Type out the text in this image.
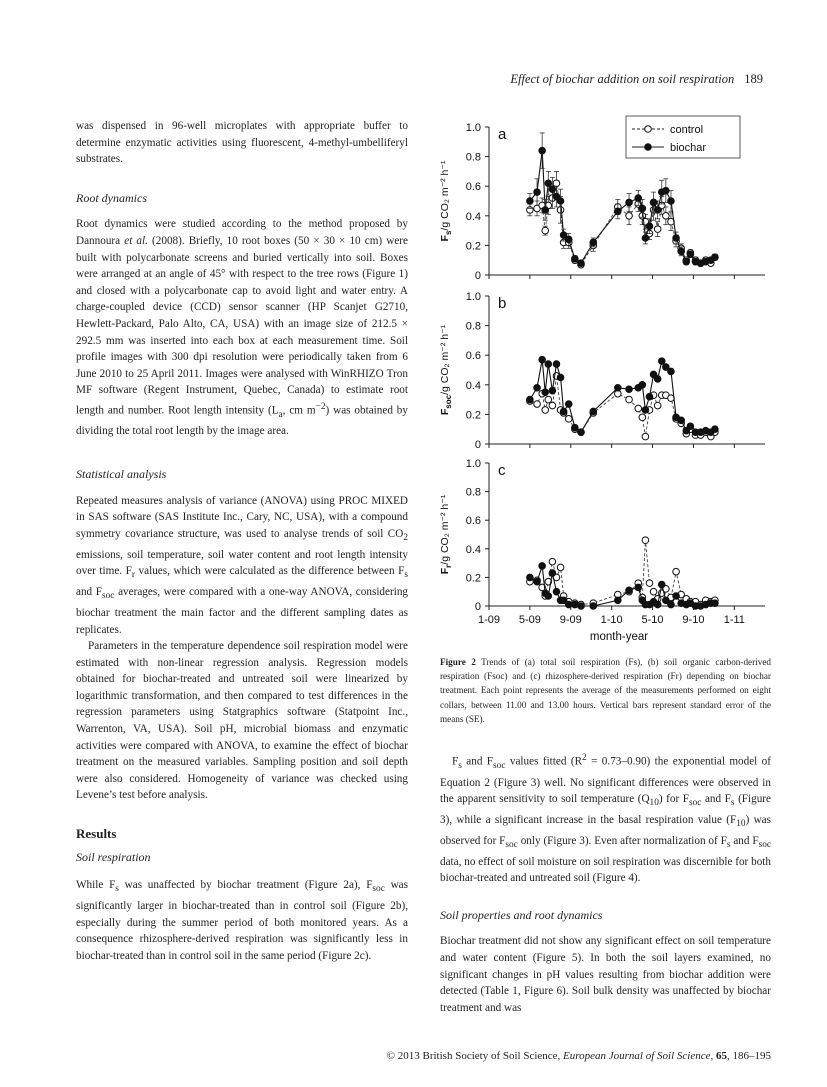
Effect of biochar addition on soil respiration 189

was dispensed in 96-well microplates with appropriate buffer to determine enzymatic activities using fluorescent, 4-methyl-umbelliferyl substrates.

Root dynamics

Root dynamics were studied according to the method proposed by Dannoura et al. (2008). Briefly, 10 root boxes (50 × 30 × 10 cm) were built with polycarbonate screens and buried vertically into soil. Boxes were arranged at an angle of 45° with respect to the tree rows (Figure 1) and closed with a polycarbonate cap to avoid light and water entry. A charge-coupled device (CCD) sensor scanner (HP Scanjet G2710, Hewlett-Packard, Palo Alto, CA, USA) with an image size of 212.5 × 292.5 mm was inserted into each box at each measurement time. Soil profile images with 300 dpi resolution were periodically taken from 6 June 2010 to 25 April 2011. Images were analysed with WinRHIZO Tron MF software (Regent Instrument, Quebec, Canada) to estimate root length and number. Root length intensity ($L_a$, cm $m^{-2}$) was obtained by dividing the total root length by the image area.

Statistical analysis

Repeated measures analysis of variance (ANOVA) using PROC MIXED in SAS software (SAS Institute Inc., Cary, NC, USA), with a compound symmetry covariance structure, was used to analyse trends of soil $CO_2$ emissions, soil temperature, soil water content and root length intensity over time. $F_r$ values, which were calculated as the difference between $F_s$ and $F_{soc}$ averages, were compared with a one-way ANOVA, considering biochar treatment the main factor and the different sampling dates as replicates.

Parameters in the temperature dependence soil respiration model were estimated with non-linear regression analysis. Regression models obtained for biochar-treated and untreated soil were linearized by logarithmic transformation, and then compared to test differences in the regression parameters using Statgraphics software (Statpoint Inc., Warrenton, VA, USA). Soil pH, microbial biomass and enzymatic activities were compared with ANOVA, to examine the effect of biochar treatment on the measured variables. Sampling position and soil depth were also considered. Homogeneity of variance was checked using Levene’s test before analysis.

Results
Soil respiration

While $F_s$ was unaffected by biochar treatment (Figure 2a), $F_{soc}$ was significantly larger in biochar-treated than in control soil (Figure 2b), especially during the summer period of both monitored years. As a consequence rhizosphere-derived respiration was significantly less in biochar-treated than in control soil in the same period (Figure 2c).

0
0.2
0.4
0.6
0.8
1.0 a
$F_s/g$ CO₂ m⁻² h⁻¹
control
biochar
0
0.2
0.4
0.6
0.8
1.0 b
$F_{soc}/g$ CO₂ m⁻² h⁻¹
0
0.2
0.4
0.6
0.8
1.0 c
$F_r/g$ CO₂ m⁻² h⁻¹
1-09 5-09 9-09 1-10 5-10 9-10 1-11
month-year
Figure 2 Trends of (a) total soil respiration (Fs), (b) soil organic carbon-derived respiration (Fsoc) and (c) rhizosphere-derived respiration (Fr) depending on biochar treatment. Each point represents the average of the measurements performed on eight collars, between 11.00 and 13.00 hours. Vertical bars represent standard error of the means (SE).

$F_s$ and $F_{soc}$ values fitted $(R^2 = 0.73-0.90)$ the exponential model of Equation 2 (Figure 3) well. No significant differences were observed in the apparent sensitivity to soil temperature $(Q_{10})$ for $F_{soc}$ and $F_s$ (Figure 3), while a significant increase in the basal respiration value $(F_{10})$ was observed for $F_{soc}$ only (Figure 3). Even after normalization of $F_s$ and $F_{soc}$ data, no effect of soil moisture on soil respiration was discernible for both biochar-treated and untreated soil (Figure 4).

Soil properties and root dynamics

Biochar treatment did not show any significant effect on soil temperature and water content (Figure 5). In both the soil layers examined, no significant changes in pH values resulting from biochar addition were detected (Table 1, Figure 6). Soil bulk density was unaffected by biochar treatment and was

© 2013 British Society of Soil Science, European Journal of Soil Science, 65, 186–195
